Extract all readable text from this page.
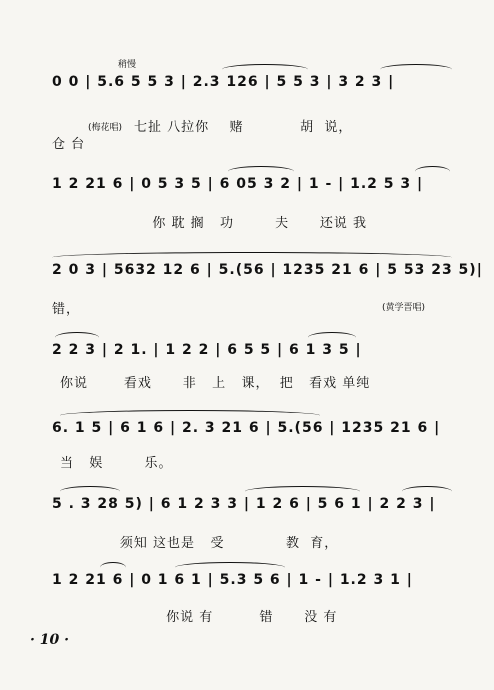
稍慢
0 0 | 5.6 5 5 3 | 2.3 126 | 5 5 3 | 3 2 3 |
(梅花唱) 七扯 八拉你    赌           胡  说，
仓 台
1 2 21 6 | 0 5 3 5 | 6 05 3 2 | 1 - | 1.2 5 3 |
你 耽 搁   功        夫      还说 我
2 0 3 | 5632 12 6 | 5.(56 | 1235 21 6 | 5 53 23 5)|
错，	(黄学晋唱)
2 2 3 | 2 1. | 1 2 2 | 6 5 5 | 6 1 3 5 |
你说       看戏      非   上   课，  把   看戏 单纯
6. 1 5 | 6 1 6 | 2. 3 21 6 | 5.(56 | 1235 21 6 |
当   娱        乐。
5 . 3 28 5) | 6 1 2 3 3 | 1 2 6 | 5 6 1 | 2 2 3 |
须知 这也是   受            教  育，
1 2 21 6 | 0 1 6 1 | 5.3 5 6 | 1 - | 1.2 3 1 |
你说 有         错      没 有
· 10 ·
